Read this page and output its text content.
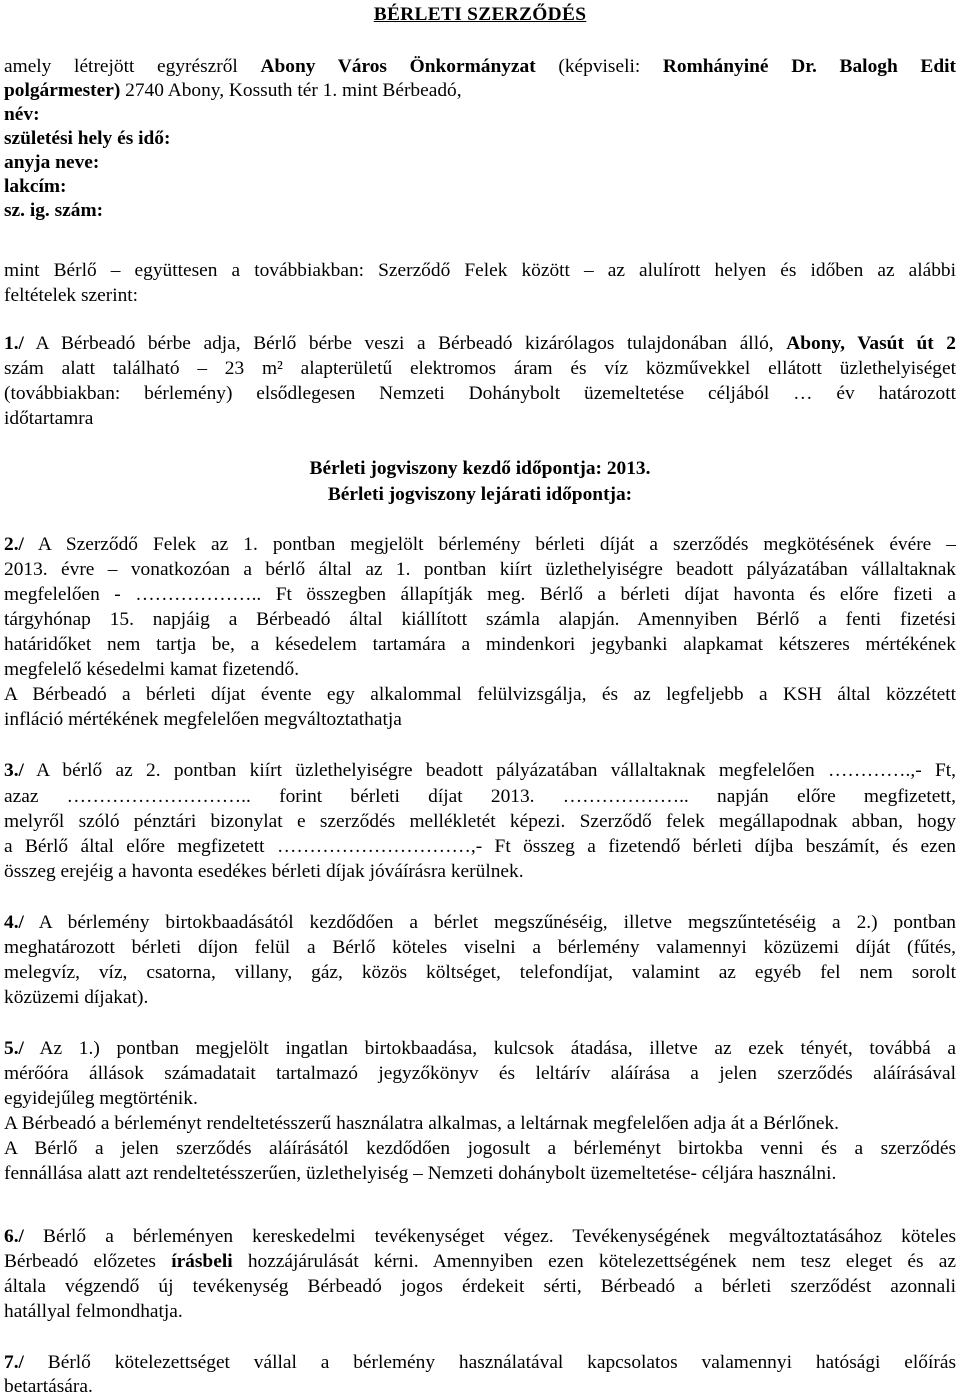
BÉRLETI SZERZŐDÉS
amely létrejött egyrészről Abony Város Önkormányzat (képviseli: Romhányiné Dr. Balogh Edit
polgármester) 2740 Abony, Kossuth tér 1. mint Bérbeadó,
név:
születési hely és idő:
anyja neve:
lakcím:
sz. ig. szám:
mint Bérlő – együttesen a továbbiakban: Szerződő Felek között – az alulírott helyen és időben az alábbi
feltételek szerint:
1./ A Bérbeadó bérbe adja, Bérlő bérbe veszi a Bérbeadó kizárólagos tulajdonában álló, Abony, Vasút út 2
szám alatt található – 23 m² alapterületű elektromos áram és víz közművekkel ellátott üzlethelyiséget
(továbbiakban: bérlemény) elsődlegesen Nemzeti Dohánybolt üzemeltetése céljából … év határozott
időtartamra
Bérleti jogviszony kezdő időpontja: 2013.
Bérleti jogviszony lejárati időpontja:
2./ A Szerződő Felek az 1. pontban megjelölt bérlemény bérleti díját a szerződés megkötésének évére –
2013. évre – vonatkozóan a bérlő által az 1. pontban kiírt üzlethelyiségre beadott pályázatában vállaltaknak
megfelelően - ……………….. Ft összegben állapítják meg. Bérlő a bérleti díjat havonta és előre fizeti a
tárgyhónap 15. napjáig a Bérbeadó által kiállított számla alapján. Amennyiben Bérlő a fenti fizetési
határidőket nem tartja be, a késedelem tartamára a mindenkori jegybanki alapkamat kétszeres mértékének
megfelelő késedelmi kamat fizetendő.
A Bérbeadó a bérleti díjat évente egy alkalommal felülvizsgálja, és az legfeljebb a KSH által közzétett
infláció mértékének megfelelően megváltoztathatja
3./ A bérlő az 2. pontban kiírt üzlethelyiségre beadott pályázatában vállaltaknak megfelelően ………….,- Ft,
azaz ……………………….. forint bérleti díjat 2013. ……………….. napján előre megfizetett,
melyről szóló pénztári bizonylat e szerződés mellékletét képezi. Szerződő felek megállapodnak abban, hogy
a Bérlő által előre megfizetett …………………………,- Ft összeg a fizetendő bérleti díjba beszámít, és ezen
összeg erejéig a havonta esedékes bérleti díjak jóváírásra kerülnek.
4./ A bérlemény birtokbaadásától kezdődően a bérlet megszűnéséig, illetve megszűntetéséig a 2.) pontban
meghatározott bérleti díjon felül a Bérlő köteles viselni a bérlemény valamennyi közüzemi díját (fűtés,
melegvíz, víz, csatorna, villany, gáz, közös költséget, telefondíjat, valamint az egyéb fel nem sorolt
közüzemi díjakat).
5./ Az 1.) pontban megjelölt ingatlan birtokbaadása, kulcsok átadása, illetve az ezek tényét, továbbá a
mérőóra állások számadatait tartalmazó jegyzőkönyv és leltárív aláírása a jelen szerződés aláírásával
egyidejűleg megtörténik.
A Bérbeadó a bérleményt rendeltetésszerű használatra alkalmas, a leltárnak megfelelően adja át a Bérlőnek.
A Bérlő a jelen szerződés aláírásától kezdődően jogosult a bérleményt birtokba venni és a szerződés
fennállása alatt azt rendeltetésszerűen, üzlethelyiség – Nemzeti dohánybolt üzemeltetése- céljára használni.
6./ Bérlő a bérleményen kereskedelmi tevékenységet végez. Tevékenységének megváltoztatásához köteles
Bérbeadó előzetes írásbeli hozzájárulását kérni. Amennyiben ezen kötelezettségének nem tesz eleget és az
általa végzendő új tevékenység Bérbeadó jogos érdekeit sérti, Bérbeadó a bérleti szerződést azonnali
hatállyal felmondhatja.
7./ Bérlő kötelezettséget vállal a bérlemény használatával kapcsolatos valamennyi hatósági előírás
betartására.
